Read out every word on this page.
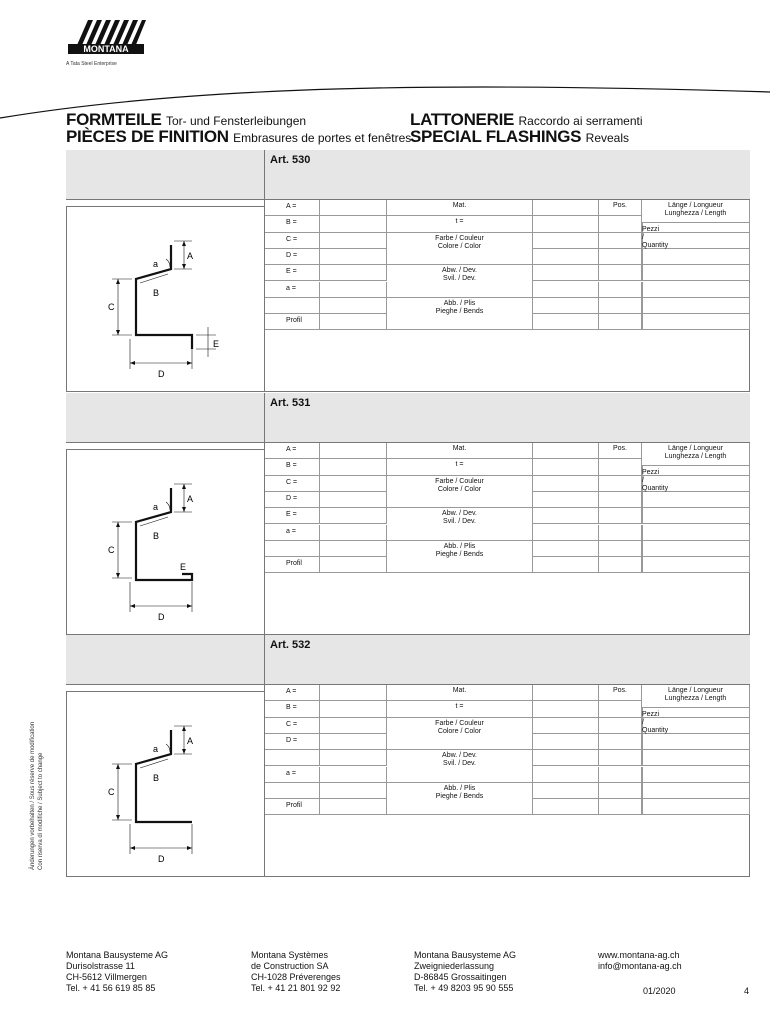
MONTANA
A Tata Steel Enterprise
FORMTEILE Tor- und Fensterleibungen
PIÈCES DE FINITION Embrasures de portes et fenêtres
LATTONERIE Raccordo ai serramenti
SPECIAL FLASHINGS Reveals
Änderungen vorbehalten / Sous réserve de modification Con riserva di modifiche / Subject to change
Art. 530
A =
B =
C =
D =
E =
a =
Profil
Mat.
t =
Farbe / Couleur
Colore / Color
Abw. / Dev.
Svil. / Dev.
Abb. / Plis
Pieghe / Bends
Pos.
Pezzi / Quantity
Länge / Longueur
Lunghezza / Length
A
a
B
C
D
E
Art. 531
A =
B =
C =
D =
E =
a =
Profil
Mat.
t =
Farbe / Couleur
Colore / Color
Abw. / Dev.
Svil. / Dev.
Abb. / Plis
Pieghe / Bends
Pos.
Pezzi / Quantity
Länge / Longueur
Lunghezza / Length
A
a
B
C
D
E
Art. 532
A =
B =
C =
D =
a =
Profil
Mat.
t =
Farbe / Couleur
Colore / Color
Abw. / Dev.
Svil. / Dev.
Abb. / Plis
Pieghe / Bends
Pos.
Pezzi / Quantity
Länge / Longueur
Lunghezza / Length
A
a
B
C
D
Montana Bausysteme AG
Durisolstrasse 11
CH-5612 Villmergen
Tel. + 41 56 619 85 85
Montana Systèmes
de Construction SA
CH-1028 Préverenges
Tel. + 41 21 801 92 92
Montana Bausysteme AG
Zweigniederlassung
D-86845 Grossaitingen
Tel. + 49 8203 95 90 555
www.montana-ag.ch
info@montana-ag.ch
01/2020	4
